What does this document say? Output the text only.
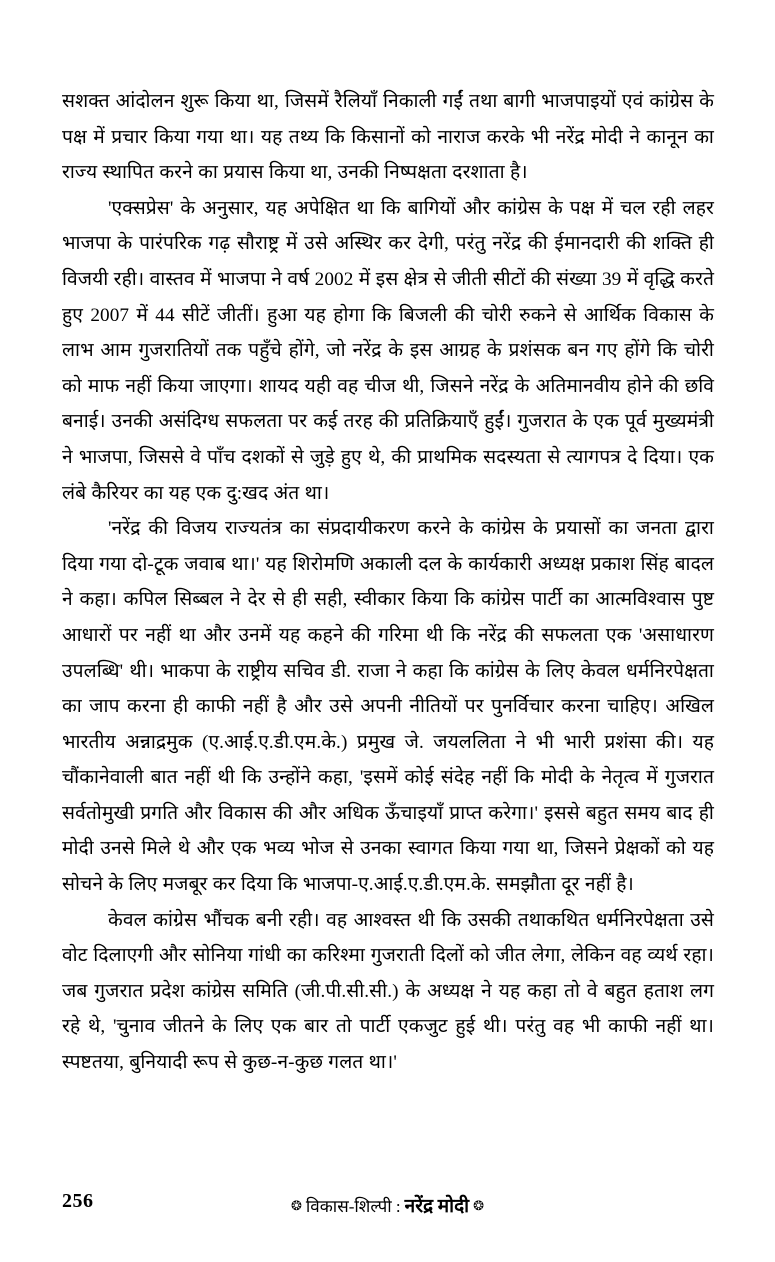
सशक्त आंदोलन शुरू किया था, जिसमें रैलियाँ निकाली गईं तथा बागी भाजपाइयों एवं कांग्रेस के पक्ष में प्रचार किया गया था। यह तथ्य कि किसानों को नाराज करके भी नरेंद्र मोदी ने कानून का राज्य स्थापित करने का प्रयास किया था, उनकी निष्पक्षता दरशाता है।

'एक्सप्रेस' के अनुसार, यह अपेक्षित था कि बागियों और कांग्रेस के पक्ष में चल रही लहर भाजपा के पारंपरिक गढ़ सौराष्ट्र में उसे अस्थिर कर देगी, परंतु नरेंद्र की ईमानदारी की शक्ति ही विजयी रही। वास्तव में भाजपा ने वर्ष 2002 में इस क्षेत्र से जीती सीटों की संख्या 39 में वृद्धि करते हुए 2007 में 44 सीटें जीतीं। हुआ यह होगा कि बिजली की चोरी रुकने से आर्थिक विकास के लाभ आम गुजरातियों तक पहुँचे होंगे, जो नरेंद्र के इस आग्रह के प्रशंसक बन गए होंगे कि चोरी को माफ नहीं किया जाएगा। शायद यही वह चीज थी, जिसने नरेंद्र के अतिमानवीय होने की छवि बनाई। उनकी असंदिग्ध सफलता पर कई तरह की प्रतिक्रियाएँ हुईं। गुजरात के एक पूर्व मुख्यमंत्री ने भाजपा, जिससे वे पाँच दशकों से जुड़े हुए थे, की प्राथमिक सदस्यता से त्यागपत्र दे दिया। एक लंबे कैरियर का यह एक दु:खद अंत था।

'नरेंद्र की विजय राज्यतंत्र का संप्रदायीकरण करने के कांग्रेस के प्रयासों का जनता द्वारा दिया गया दो-टूक जवाब था।' यह शिरोमणि अकाली दल के कार्यकारी अध्यक्ष प्रकाश सिंह बादल ने कहा। कपिल सिब्बल ने देर से ही सही, स्वीकार किया कि कांग्रेस पार्टी का आत्मविश्वास पुष्ट आधारों पर नहीं था और उनमें यह कहने की गरिमा थी कि नरेंद्र की सफलता एक 'असाधारण उपलब्धि' थी। भाकपा के राष्ट्रीय सचिव डी. राजा ने कहा कि कांग्रेस के लिए केवल धर्मनिरपेक्षता का जाप करना ही काफी नहीं है और उसे अपनी नीतियों पर पुनर्विचार करना चाहिए। अखिल भारतीय अन्नाद्रमुक (ए.आई.ए.डी.एम.के.) प्रमुख जे. जयललिता ने भी भारी प्रशंसा की। यह चौंकानेवाली बात नहीं थी कि उन्होंने कहा, 'इसमें कोई संदेह नहीं कि मोदी के नेतृत्व में गुजरात सर्वतोमुखी प्रगति और विकास की और अधिक ऊँचाइयाँ प्राप्त करेगा।' इससे बहुत समय बाद ही मोदी उनसे मिले थे और एक भव्य भोज से उनका स्वागत किया गया था, जिसने प्रेक्षकों को यह सोचने के लिए मजबूर कर दिया कि भाजपा-ए.आई.ए.डी.एम.के. समझौता दूर नहीं है।

केवल कांग्रेस भौंचक बनी रही। वह आश्वस्त थी कि उसकी तथाकथित धर्मनिरपेक्षता उसे वोट दिलाएगी और सोनिया गांधी का करिश्मा गुजराती दिलों को जीत लेगा, लेकिन वह व्यर्थ रहा। जब गुजरात प्रदेश कांग्रेस समिति (जी.पी.सी.सी.) के अध्यक्ष ने यह कहा तो वे बहुत हताश लग रहे थे, 'चुनाव जीतने के लिए एक बार तो पार्टी एकजुट हुई थी। परंतु वह भी काफी नहीं था। स्पष्टतया, बुनियादी रूप से कुछ-न-कुछ गलत था।'

256	❂ विकास-शिल्पी : नरेंद्र मोदी ❂
